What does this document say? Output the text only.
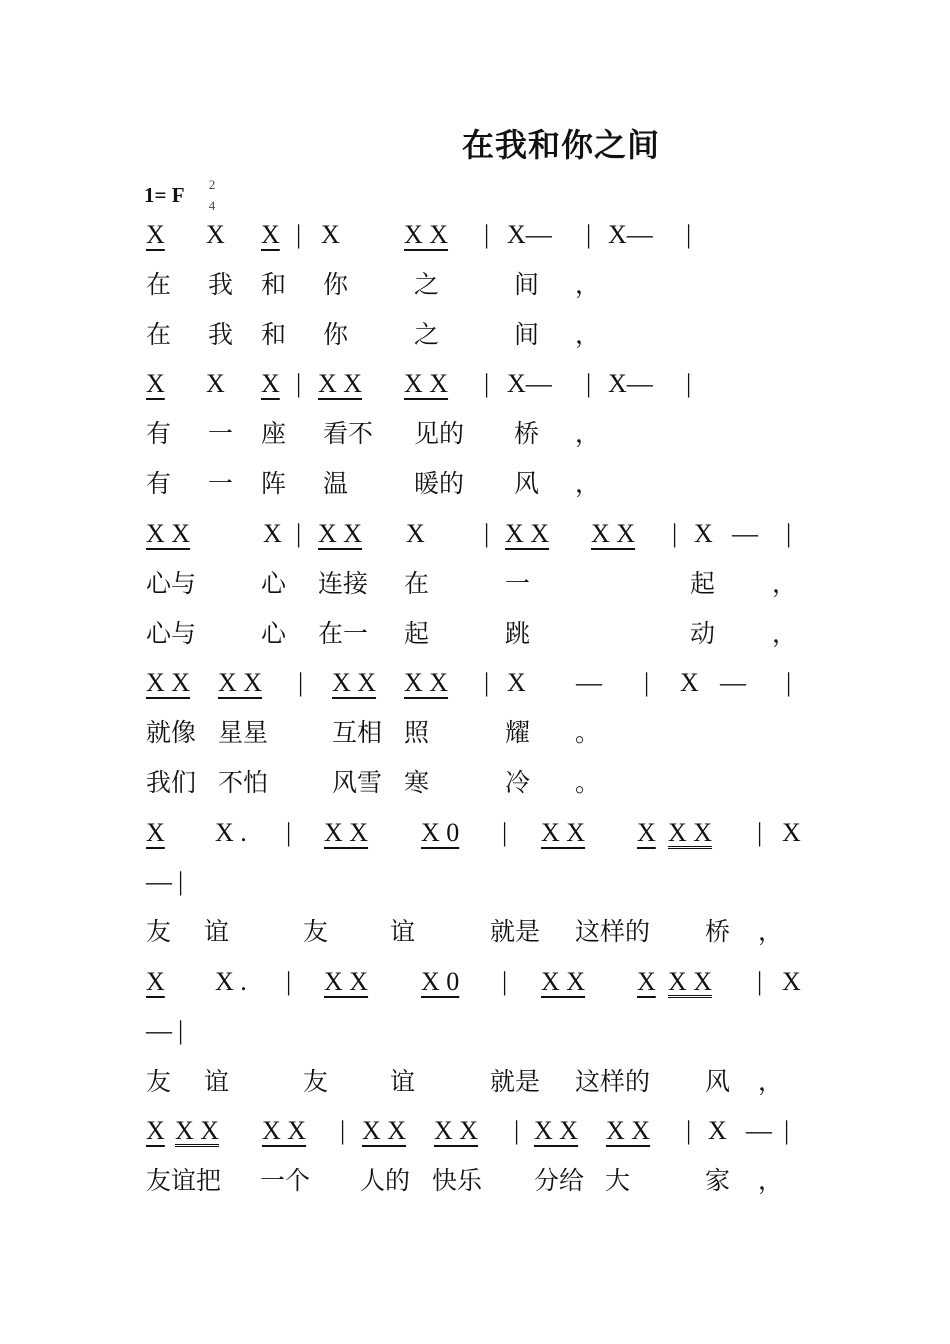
在我和你之间
1= F 2
4
X X X | X X X | X— | X— |
在 我 和 你	之	间 ，
在 我 和 你	之	间 ，
X X X | X X X X | X— | X— |
有 一 座 看不 见的 桥 ，
有 一 阵 温	暖的 风 ，
X X	X | X X X | X X X X | X — |
心与	心 连接 在	一	起 ，
心与	心 在一 起	跳	动 ，
X X X X | X X X X | X — | X — |
就像 星星	互相 照	耀 。
我们 不怕	风雪 寒	冷 。
X X . | X X X 0 | X X X X X | X
— |
友 谊	友 谊	就是 这样的 桥 ，
X X . | X X X 0 | X X X X X | X
— |
友 谊	友 谊	就是 这样的 风 ，
X X X X X | X X X X | X X X X | X — |
友谊把 一个 人的 快乐 分给 大	家 ，
